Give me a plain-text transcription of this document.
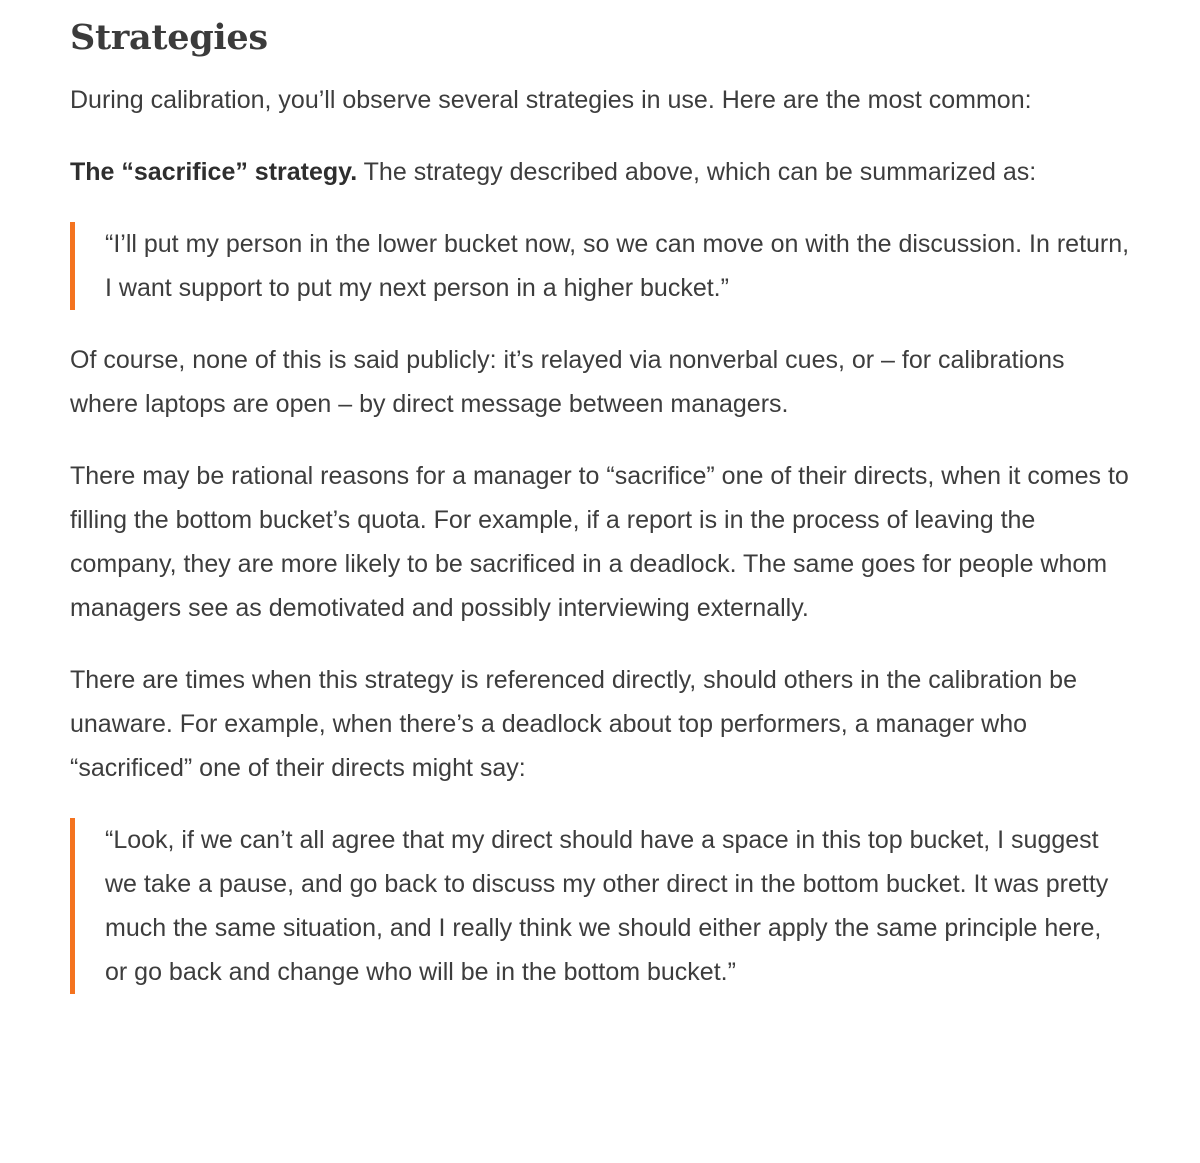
Strategies

During calibration, you’ll observe several strategies in use. Here are the most common:

The “sacrifice” strategy. The strategy described above, which can be summarized as:

“I’ll put my person in the lower bucket now, so we can move on with the discussion. In return, I want support to put my next person in a higher bucket.”

Of course, none of this is said publicly: it’s relayed via nonverbal cues, or – for calibrations where laptops are open – by direct message between managers.

There may be rational reasons for a manager to “sacrifice” one of their directs, when it comes to filling the bottom bucket’s quota. For example, if a report is in the process of leaving the company, they are more likely to be sacrificed in a deadlock. The same goes for people whom managers see as demotivated and possibly interviewing externally.

There are times when this strategy is referenced directly, should others in the calibration be unaware. For example, when there’s a deadlock about top performers, a manager who “sacrificed” one of their directs might say:

“Look, if we can’t all agree that my direct should have a space in this top bucket, I suggest we take a pause, and go back to discuss my other direct in the bottom bucket. It was pretty much the same situation, and I really think we should either apply the same principle here, or go back and change who will be in the bottom bucket.”
